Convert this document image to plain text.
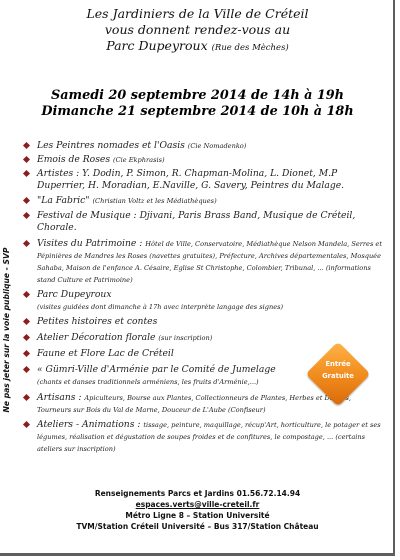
Les Jardiniers de la Ville de Créteil
vous donnent rendez-vous au
Parc Dupeyroux (Rue des Mèches)
Samedi 20 septembre 2014 de 14h à 19h
Dimanche 21 septembre 2014 de 10h à 18h
Ne pas jeter sur la voie publique - SVP
Les Peintres nomades et l'Oasis (Cie Nomadenko)
Emois de Roses (Cie Ekphrasis)
Artistes : Y. Dodin, P. Simon, R. Chapman-Molina, L. Dionet, M.P Duperrier, H. Moradian, E.Naville, G. Savery, Peintres du Malage.
"La Fabric" (Christian Voltz et les Médiathèques)
Festival de Musique : Djivani, Paris Brass Band, Musique de Créteil, Chorale.
Visites du Patrimoine : Hôtel de Ville, Conservatoire, Médiathèque Nelson Mandela, Serres et Pépinières de Mandres les Roses (navettes gratuites), Préfecture, Archives départementales, Mosquée Sahaba, Maison de l'enfance A. Césaire, Eglise St Christophe, Colombier, Tribunal, ... (informations stand Culture et Patrimoine)
Parc Dupeyroux
(visites guidées dont dimanche à 17h avec interprète langage des signes)
Petites histoires et contes
Atelier Décoration florale (sur inscription)
Faune et Flore Lac de Créteil
« Gümri-Ville d'Arménie par le Comité de Jumelage
(chants et danses traditionnels arméniens, les fruits d'Arménie,...)
Artisans : Apiculteurs, Bourse aux Plantes, Collectionneurs de Plantes, Herbes et Délices, Tourneurs sur Bois du Val de Marne, Douceur de L'Aube (Confiseur)
Ateliers - Animations : tissage, peinture, maquillage, récup'Art, horticulture, le potager et ses légumes, réalisation et dégustation de soupes froides et de confitures, le compostage, ... (certains ateliers sur inscription)
Entrée
Gratuite
Renseignements Parcs et Jardins 01.56.72.14.94
espaces.verts@ville-creteil.fr
Métro Ligne 8 – Station Université
TVM/Station Créteil Université – Bus 317/Station Château
